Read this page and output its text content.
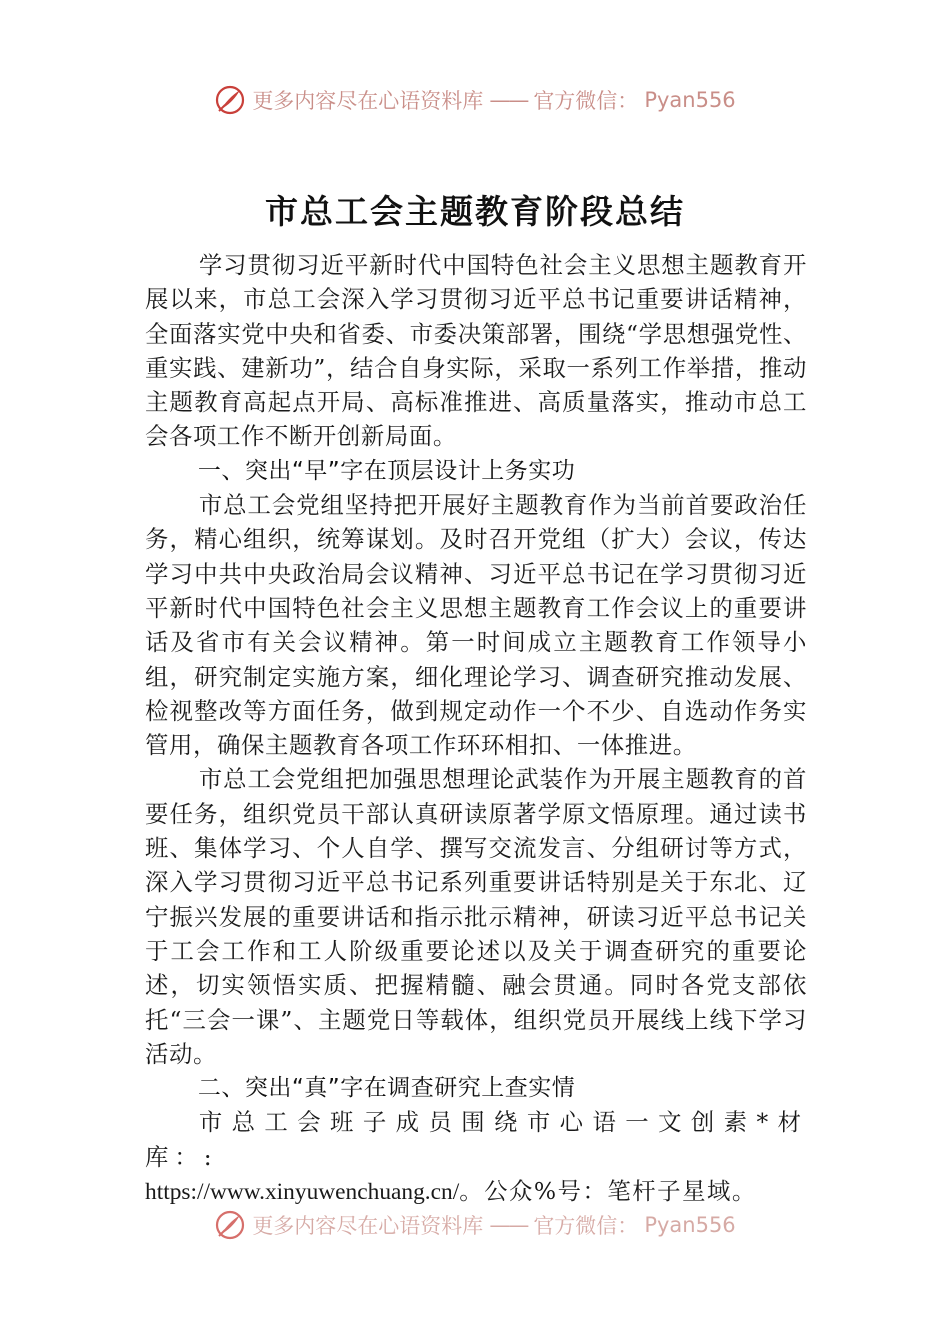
更多内容尽在心语资料库 —— 官方微信： Pyan556
市总工会主题教育阶段总结

学习贯彻习近平新时代中国特色社会主义思想主题教育开展以来，市总工会深入学习贯彻习近平总书记重要讲话精神，全面落实党中央和省委、市委决策部署，围绕“学思想强党性、重实践、建新功”，结合自身实际，采取一系列工作举措，推动主题教育高起点开局、高标准推进、高质量落实，推动市总工会各项工作不断开创新局面。

一、突出“早”字在顶层设计上务实功

市总工会党组坚持把开展好主题教育作为当前首要政治任务，精心组织，统筹谋划。及时召开党组（扩大）会议，传达学习中共中央政治局会议精神、习近平总书记在学习贯彻习近平新时代中国特色社会主义思想主题教育工作会议上的重要讲话及省市有关会议精神。第一时间成立主题教育工作领导小组，研究制定实施方案，细化理论学习、调查研究推动发展、检视整改等方面任务，做到规定动作一个不少、自选动作务实管用，确保主题教育各项工作环环相扣、一体推进。

市总工会党组把加强思想理论武装作为开展主题教育的首要任务，组织党员干部认真研读原著学原文悟原理。通过读书班、集体学习、个人自学、撰写交流发言、分组研讨等方式，深入学习贯彻习近平总书记系列重要讲话特别是关于东北、辽宁振兴发展的重要讲话和指示批示精神，研读习近平总书记关于工会工作和工人阶级重要论述以及关于调查研究的重要论述，切实领悟实质、把握精髓、融会贯通。同时各党支部依托“三会一课”、主题党日等载体，组织党员开展线上线下学习活动。

二、突出“真”字在调查研究上查实情

市总工会班子成员围绕市心语一文创素*材库：:

https://www.xinyuwenchuang.cn/。公众%号：笔杆子星域。

更多内容尽在心语资料库 —— 官方微信： Pyan556
